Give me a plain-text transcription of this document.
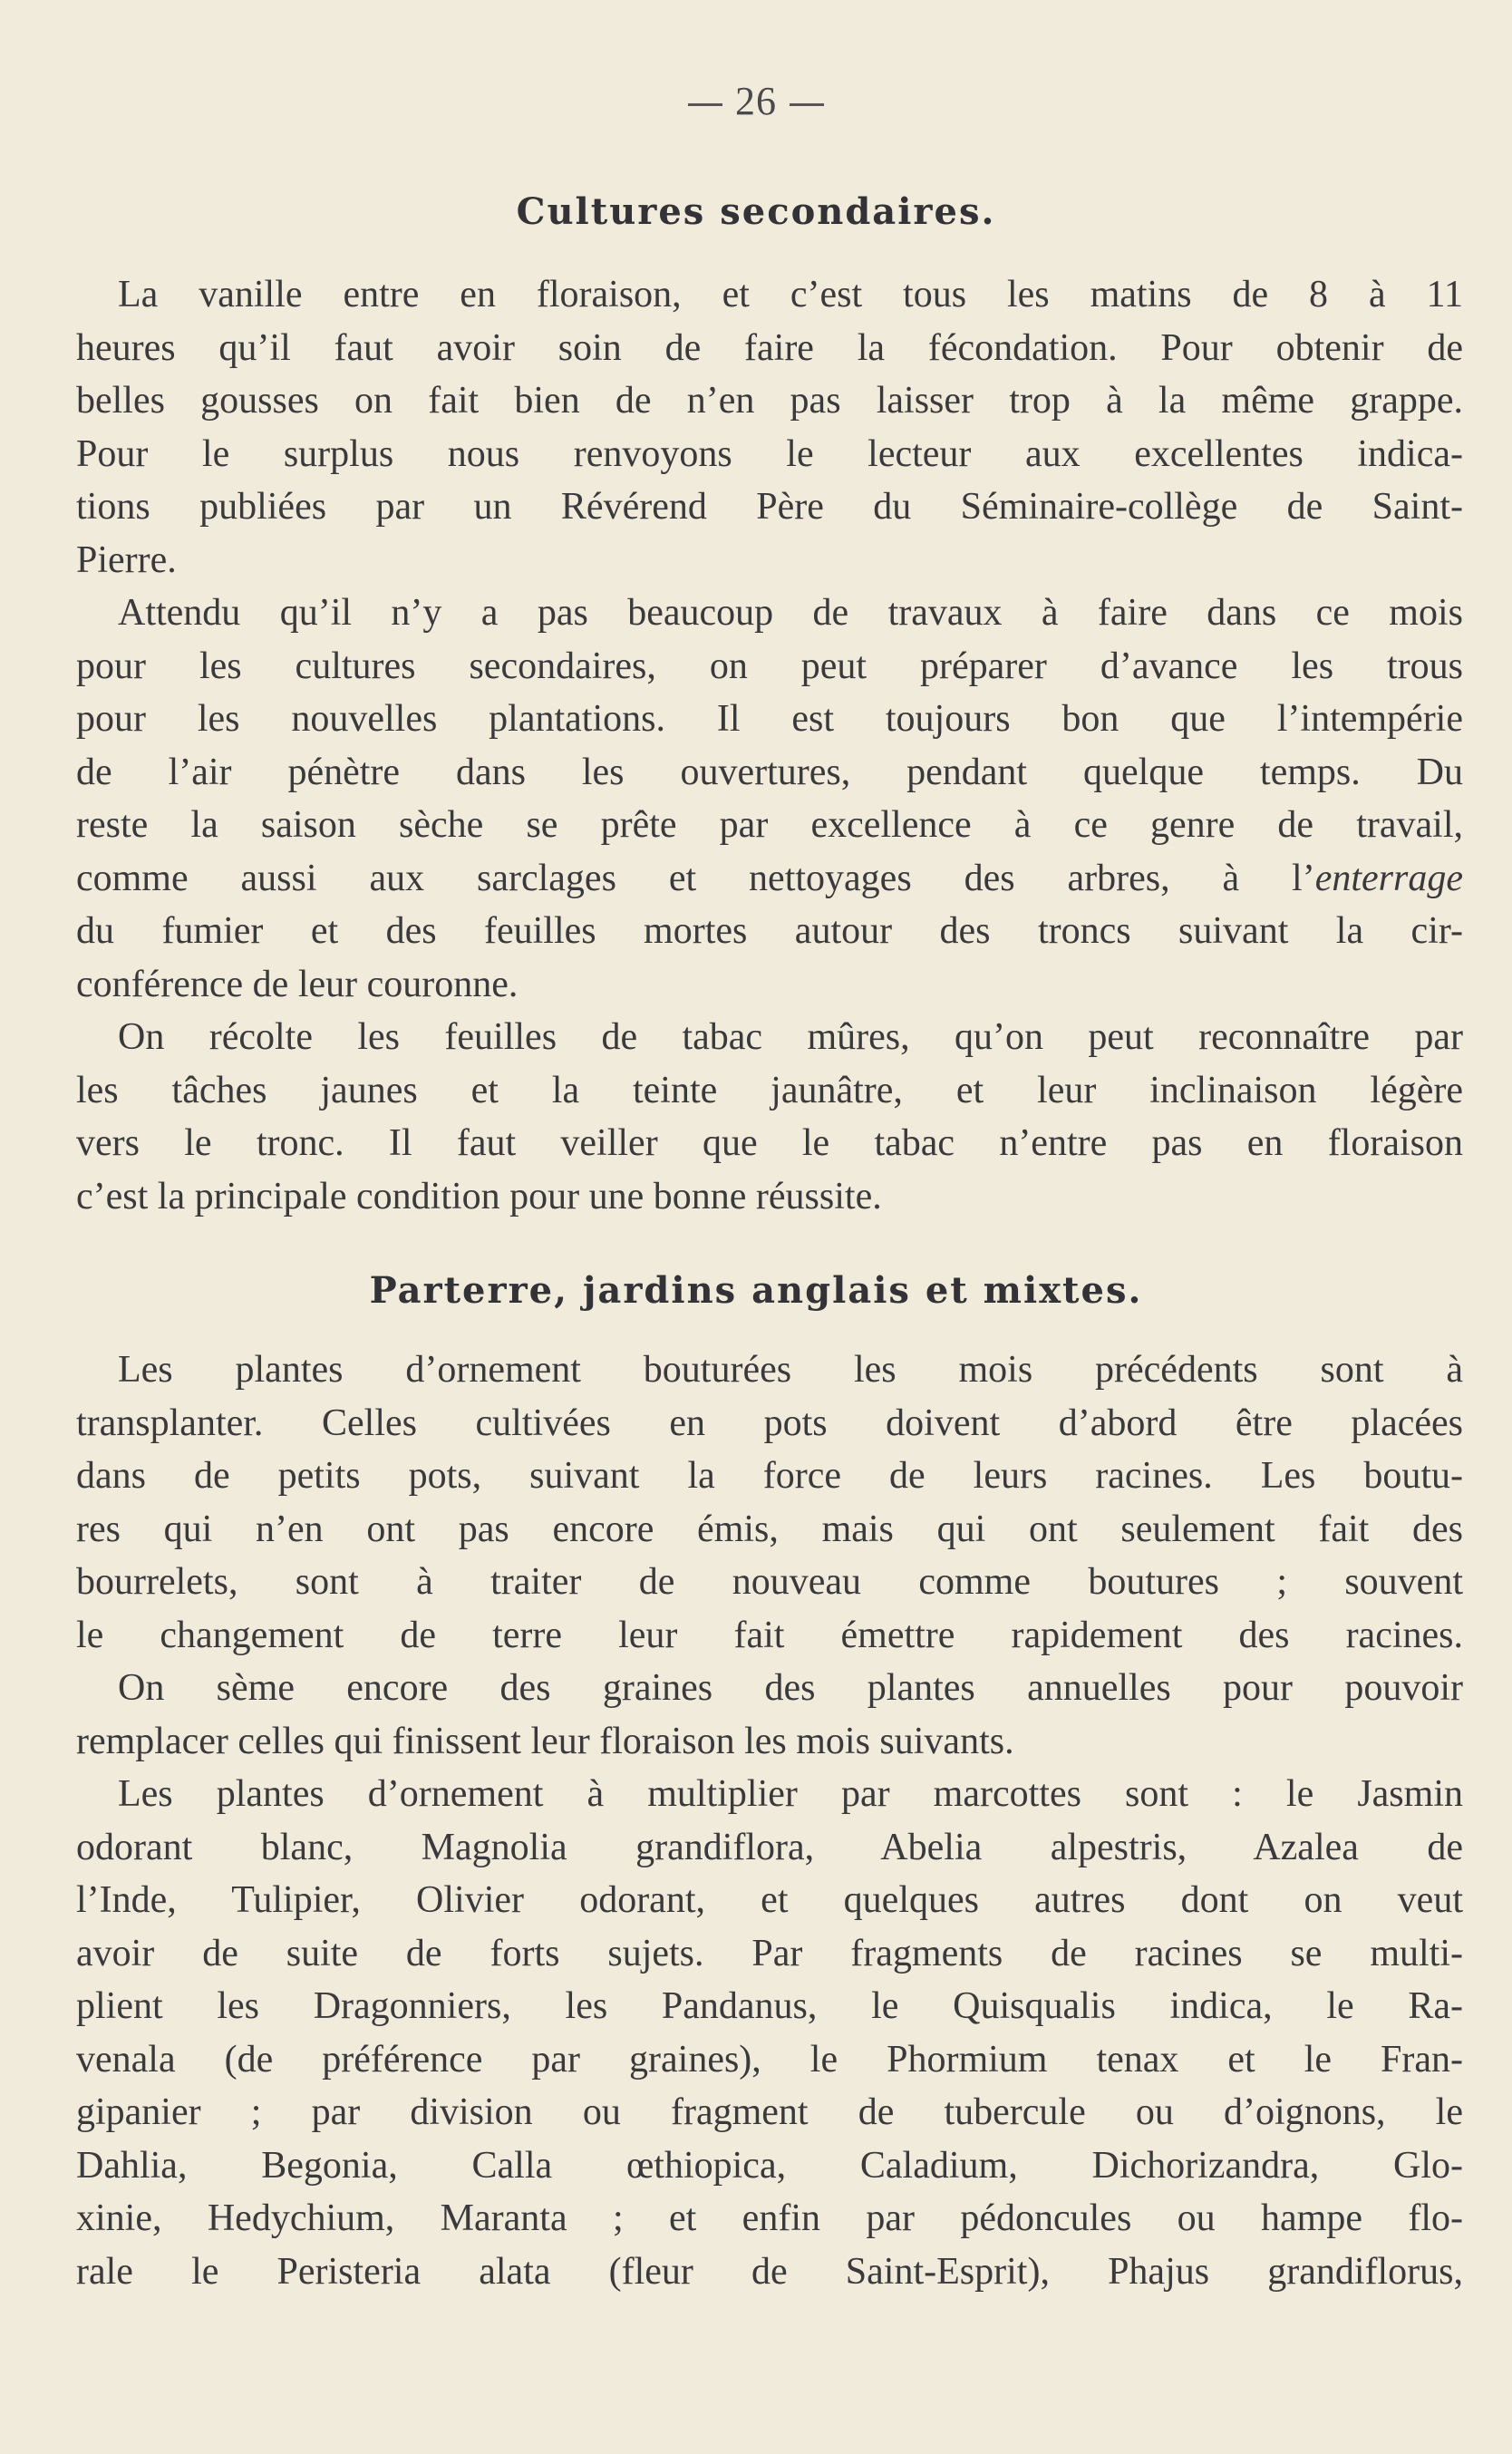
26
Cultures secondaires.
La vanille entre en floraison, et c’est tous les matins de 8 à 11
heures qu’il faut avoir soin de faire la fécondation. Pour obtenir de
belles gousses on fait bien de n’en pas laisser trop à la même grappe.
Pour le surplus nous renvoyons le lecteur aux excellentes indica-
tions publiées par un Révérend Père du Séminaire-collège de Saint-
Pierre.
Attendu qu’il n’y a pas beaucoup de travaux à faire dans ce mois
pour les cultures secondaires, on peut préparer d’avance les trous
pour les nouvelles plantations. Il est toujours bon que l’intempérie
de l’air pénètre dans les ouvertures, pendant quelque temps. Du
reste la saison sèche se prête par excellence à ce genre de travail,
comme aussi aux sarclages et nettoyages des arbres, à l’enterrage
du fumier et des feuilles mortes autour des troncs suivant la cir-
conférence de leur couronne.
On récolte les feuilles de tabac mûres, qu’on peut reconnaître par
les tâches jaunes et la teinte jaunâtre, et leur inclinaison légère
vers le tronc. Il faut veiller que le tabac n’entre pas en floraison
c’est la principale condition pour une bonne réussite.
Parterre, jardins anglais et mixtes.
Les plantes d’ornement bouturées les mois précédents sont à
transplanter. Celles cultivées en pots doivent d’abord être placées
dans de petits pots, suivant la force de leurs racines. Les boutu-
res qui n’en ont pas encore émis, mais qui ont seulement fait des
bourrelets, sont à traiter de nouveau comme boutures ; souvent
le changement de terre leur fait émettre rapidement des racines.
On sème encore des graines des plantes annuelles pour pouvoir
remplacer celles qui finissent leur floraison les mois suivants.
Les plantes d’ornement à multiplier par marcottes sont : le Jasmin
odorant blanc, Magnolia grandiflora, Abelia alpestris, Azalea de
l’Inde, Tulipier, Olivier odorant, et quelques autres dont on veut
avoir de suite de forts sujets. Par fragments de racines se multi-
plient les Dragonniers, les Pandanus, le Quisqualis indica, le Ra-
venala (de préférence par graines), le Phormium tenax et le Fran-
gipanier ; par division ou fragment de tubercule ou d’oignons, le
Dahlia, Begonia, Calla œthiopica, Caladium, Dichorizandra, Glo-
xinie, Hedychium, Maranta ; et enfin par pédoncules ou hampe flo-
rale le Peristeria alata (fleur de Saint-Esprit), Phajus grandiflorus,
